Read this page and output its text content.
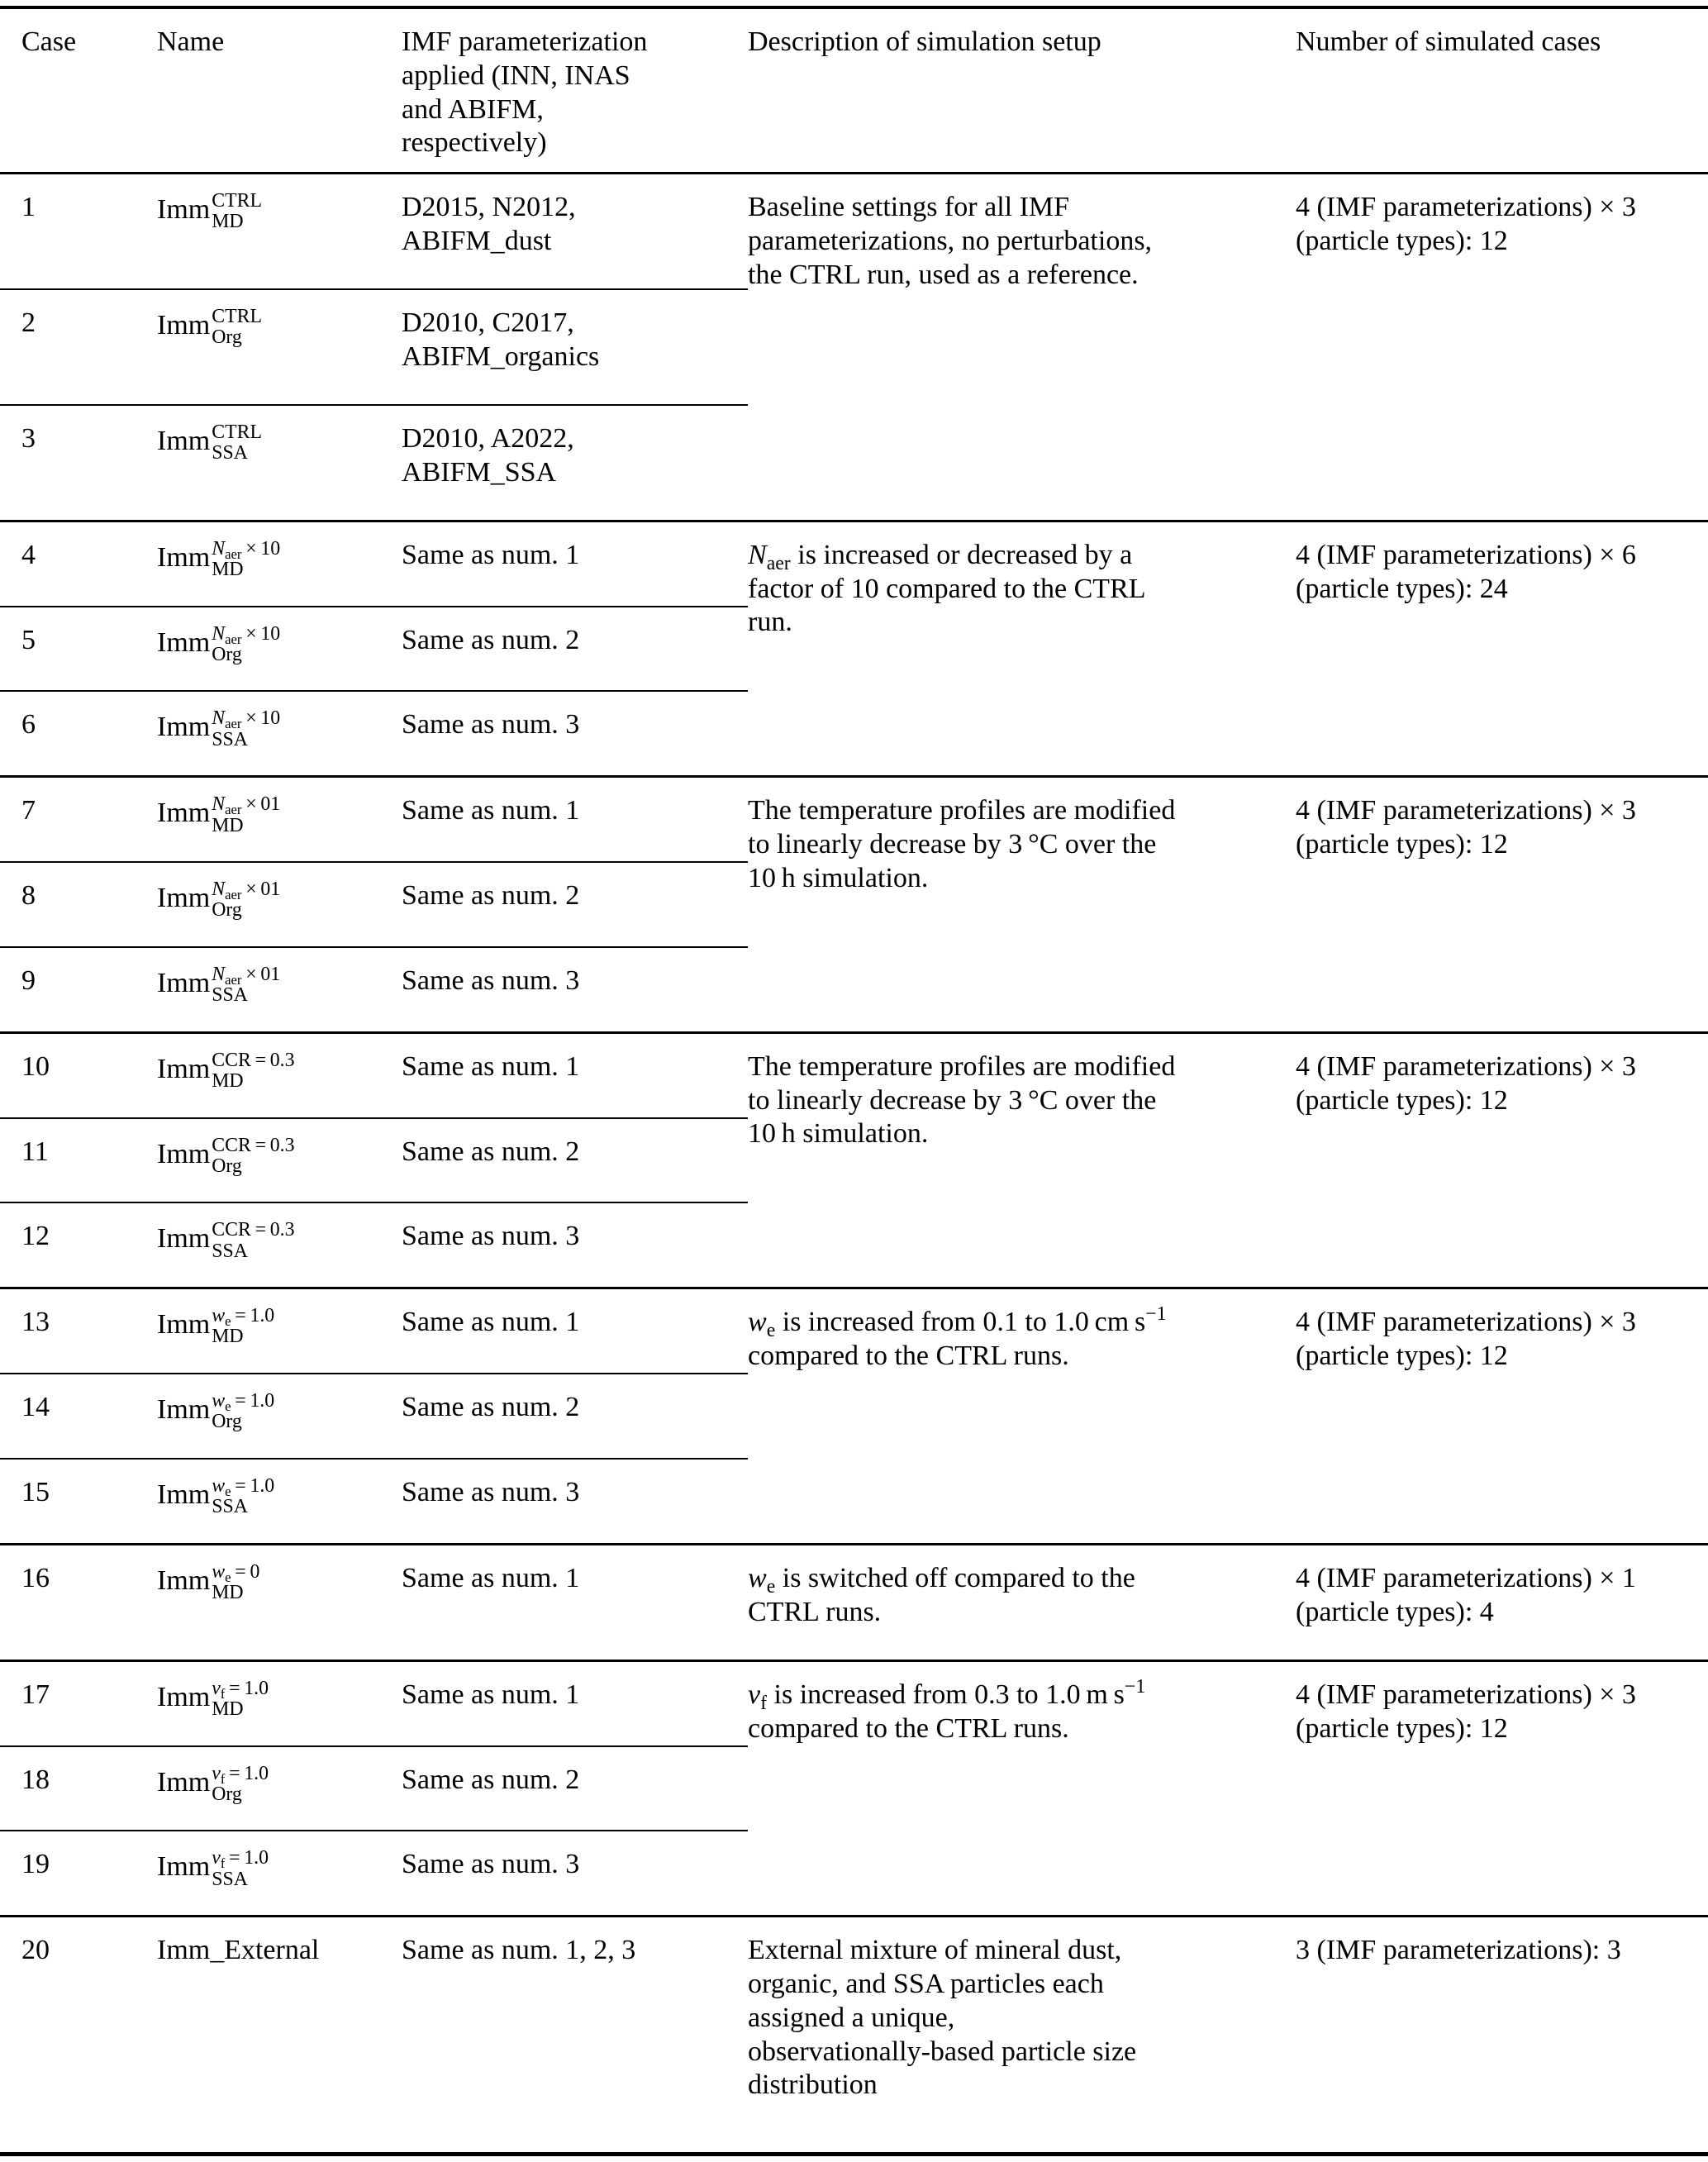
Case	Name	IMF parameterization
applied (INN, INAS
and ABIFM,
respectively)	Description of simulation setup	Number of simulated cases

1	Imm CTRL
MD	D2015, N2012,
ABIFM_dust	Baseline settings for all IMF
parameterizations, no perturbations,
the CTRL run, used as a reference.	4 (IMF parameterizations) × 3
(particle types): 12

2	Imm CTRL
Org	D2010, C2017,
ABIFM_organics		

3	Imm CTRL
SSA	D2010, A2022,
ABIFM_SSA		

4	Imm $N_{aer} \times 10$
MD	Same as num. 1	$N_{aer}$ is increased or decreased by a
factor of 10 compared to the CTRL
run.	4 (IMF parameterizations) × 6
(particle types): 24

5	Imm $N_{aer} \times 10$
Org	Same as num. 2		

6	Imm $N_{aer} \times 10$
SSA	Same as num. 3		

7	Imm $N_{aer} \times 01$
MD	Same as num. 1	The temperature profiles are modified
to linearly decrease by 3 °C over the
10 h simulation.	4 (IMF parameterizations) × 3
(particle types): 12

8	Imm $N_{aer} \times 01$
Org	Same as num. 2		

9	Imm $N_{aer} \times 01$
SSA	Same as num. 3		

10	Imm CCR = 0.3
MD	Same as num. 1	The temperature profiles are modified
to linearly decrease by 3 °C over the
10 h simulation.	4 (IMF parameterizations) × 3
(particle types): 12

11	Imm CCR = 0.3
Org	Same as num. 2		

12	Imm CCR = 0.3
SSA	Same as num. 3		

13	Imm $w_e = 1.0$
MD	Same as num. 1	$w_e$ is increased from 0.1 to 1.0 cm $s^{-1}$
compared to the CTRL runs.	4 (IMF parameterizations) × 3
(particle types): 12

14	Imm $w_e = 1.0$
Org	Same as num. 2		

15	Imm $w_e = 1.0$
SSA	Same as num. 3		

16	Imm $w_e = 0$
MD	Same as num. 1	$w_e$ is switched off compared to the
CTRL runs.	4 (IMF parameterizations) × 1
(particle types): 4

17	Imm $v_f = 1.0$
MD	Same as num. 1	$v_f$ is increased from 0.3 to 1.0 m $s^{-1}$
compared to the CTRL runs.	4 (IMF parameterizations) × 3
(particle types): 12

18	Imm $v_f = 1.0$
Org	Same as num. 2		

19	Imm $v_f = 1.0$
SSA	Same as num. 3		

20	Imm_External	Same as num. 1, 2, 3	External mixture of mineral dust,
organic, and SSA particles each
assigned a unique,
observationally-based particle size
distribution	3 (IMF parameterizations): 3
